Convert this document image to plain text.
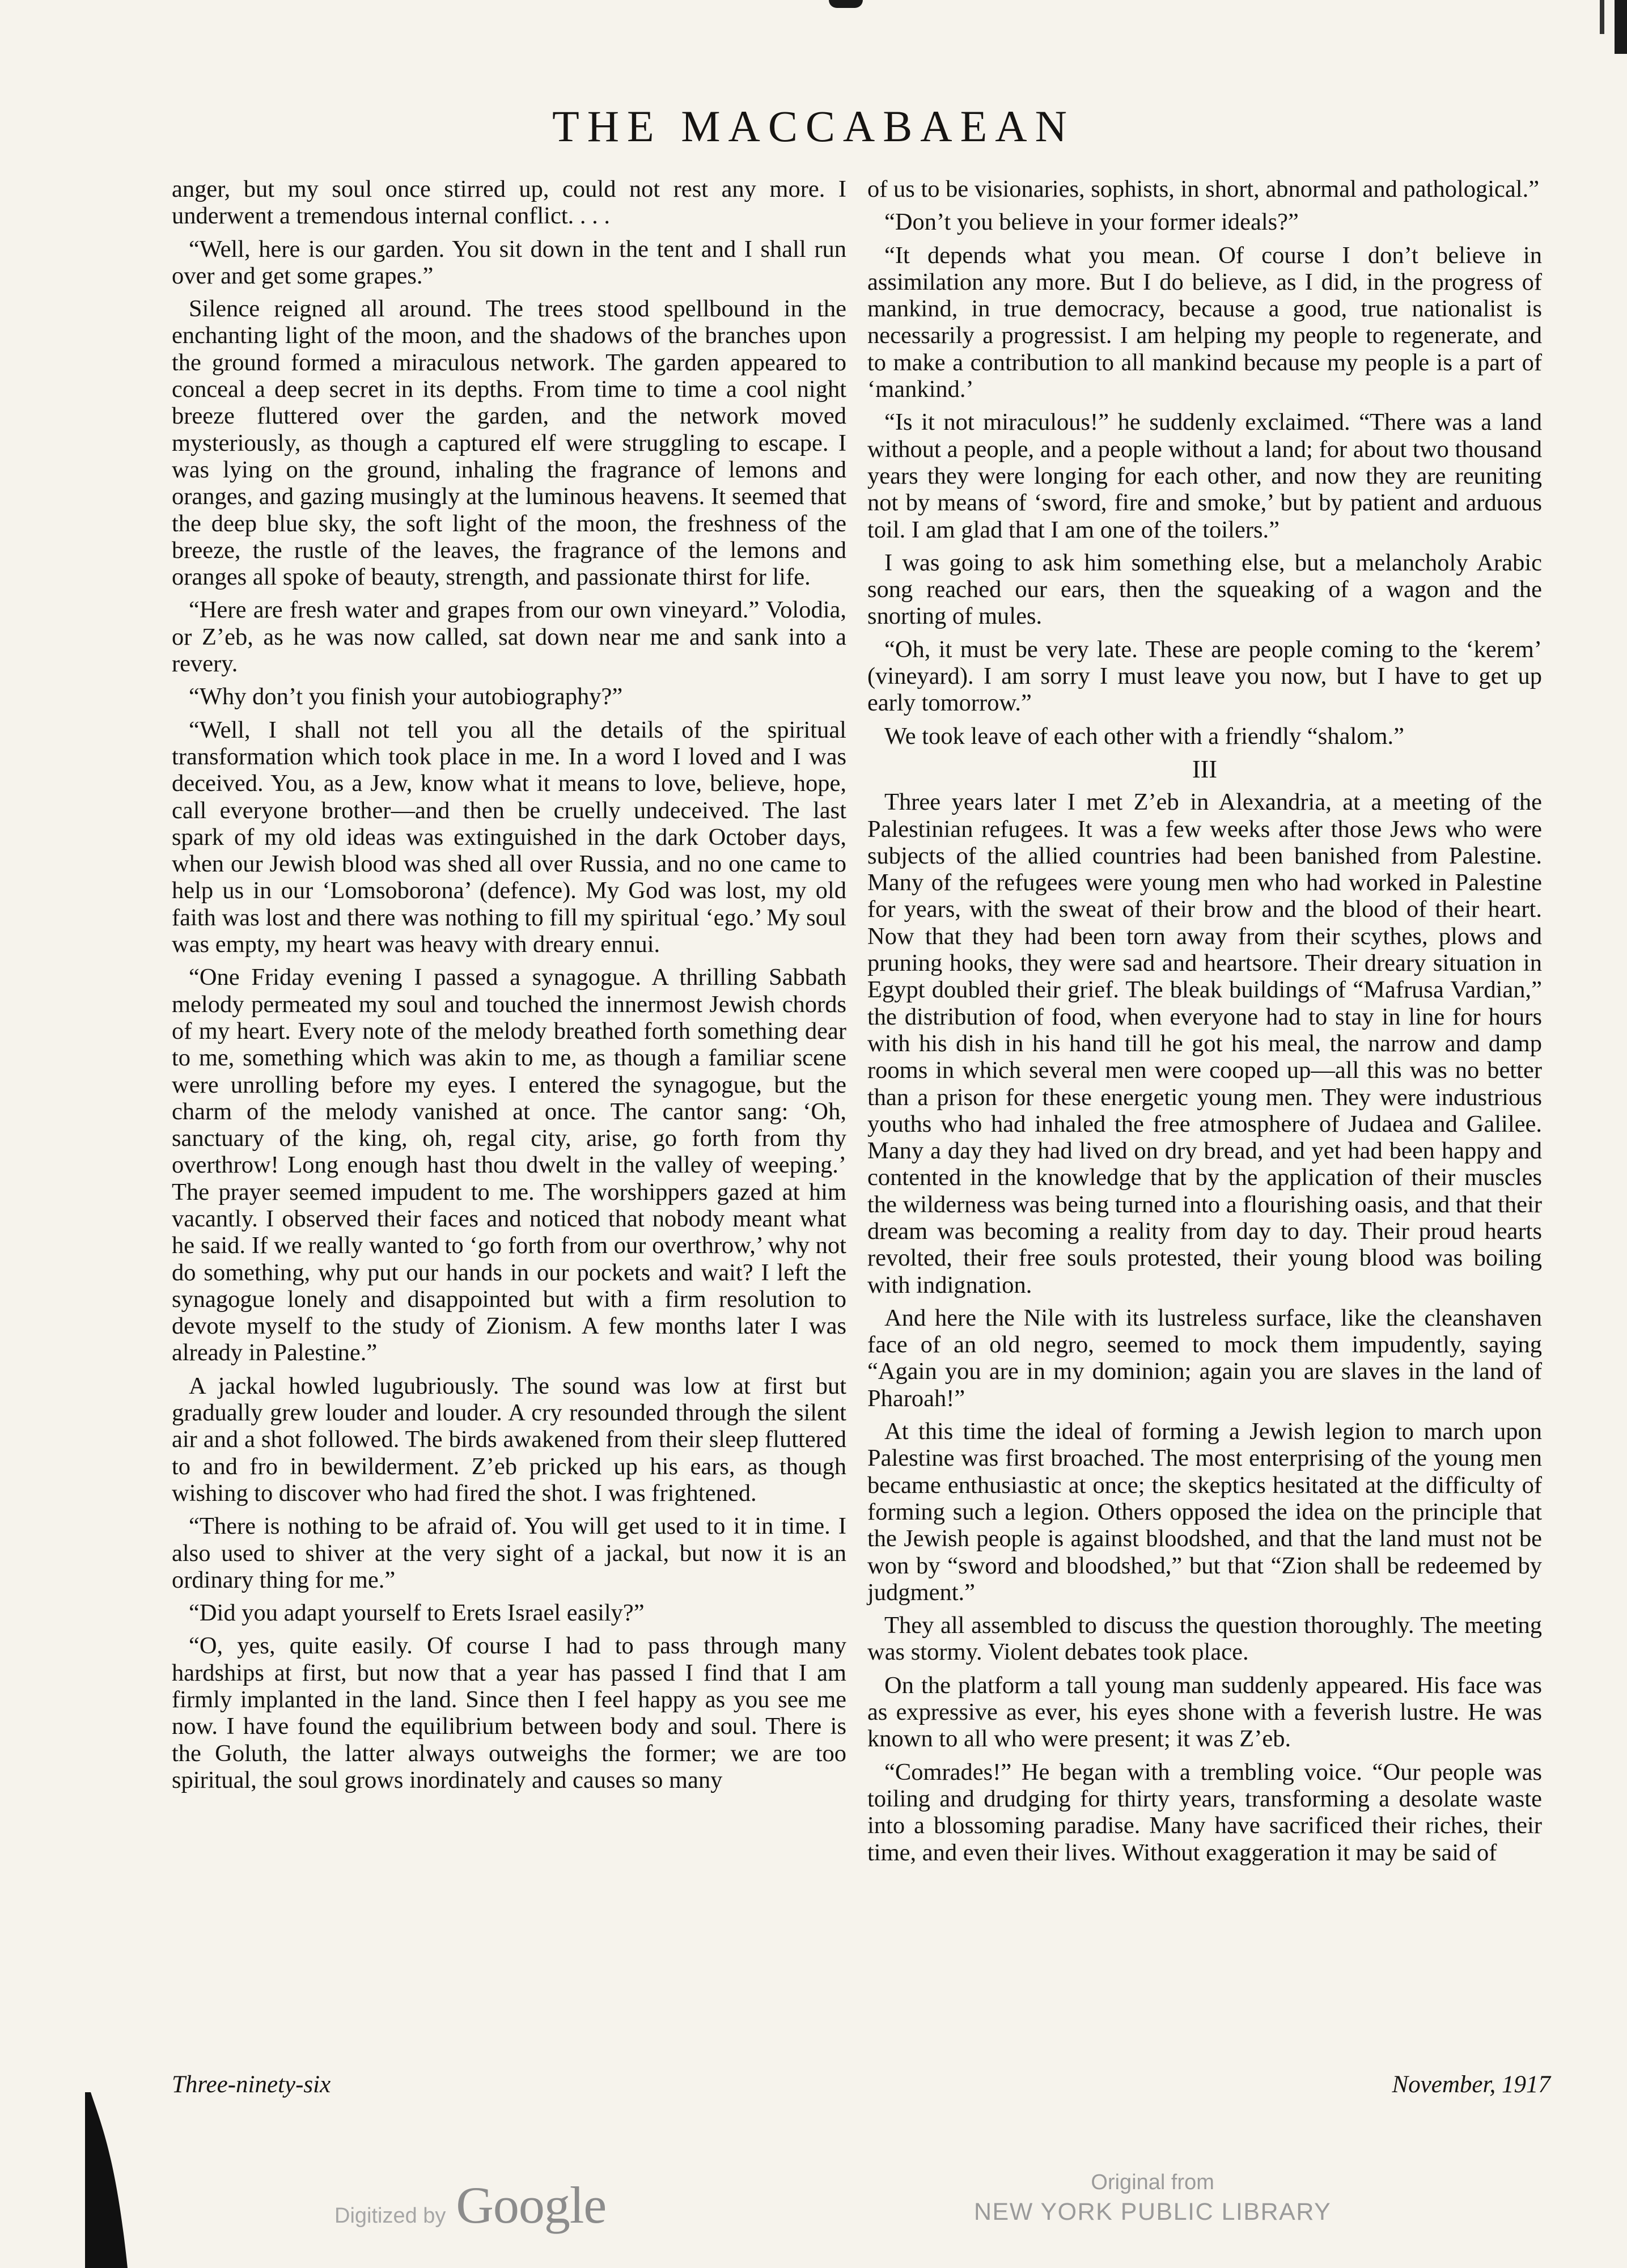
THE MACCABAEAN

anger, but my soul once stirred up, could not rest any more. I underwent a tremendous internal conflict. . . .

“Well, here is our garden. You sit down in the tent and I shall run over and get some grapes.”

Silence reigned all around. The trees stood spellbound in the enchanting light of the moon, and the shadows of the branches upon the ground formed a miraculous network. The garden appeared to conceal a deep secret in its depths. From time to time a cool night breeze fluttered over the garden, and the network moved mysteriously, as though a captured elf were struggling to escape. I was lying on the ground, inhaling the fragrance of lemons and oranges, and gazing musingly at the luminous heavens. It seemed that the deep blue sky, the soft light of the moon, the freshness of the breeze, the rustle of the leaves, the fragrance of the lemons and oranges all spoke of beauty, strength, and passionate thirst for life.

“Here are fresh water and grapes from our own vineyard.” Volodia, or Z’eb, as he was now called, sat down near me and sank into a revery.

“Why don’t you finish your autobiography?”

“Well, I shall not tell you all the details of the spiritual transformation which took place in me. In a word I loved and I was deceived. You, as a Jew, know what it means to love, believe, hope, call everyone brother—and then be cruelly undeceived. The last spark of my old ideas was extinguished in the dark October days, when our Jewish blood was shed all over Russia, and no one came to help us in our ‘Lomsoborona’ (defence). My God was lost, my old faith was lost and there was nothing to fill my spiritual ‘ego.’ My soul was empty, my heart was heavy with dreary ennui.

“One Friday evening I passed a synagogue. A thrilling Sabbath melody permeated my soul and touched the innermost Jewish chords of my heart. Every note of the melody breathed forth something dear to me, something which was akin to me, as though a familiar scene were unrolling before my eyes. I entered the synagogue, but the charm of the melody vanished at once. The cantor sang: ‘Oh, sanctuary of the king, oh, regal city, arise, go forth from thy overthrow! Long enough hast thou dwelt in the valley of weeping.’ The prayer seemed impudent to me. The worshippers gazed at him vacantly. I observed their faces and noticed that nobody meant what he said. If we really wanted to ‘go forth from our overthrow,’ why not do something, why put our hands in our pockets and wait? I left the synagogue lonely and disappointed but with a firm resolution to devote myself to the study of Zionism. A few months later I was already in Palestine.”

A jackal howled lugubriously. The sound was low at first but gradually grew louder and louder. A cry resounded through the silent air and a shot followed. The birds awakened from their sleep fluttered to and fro in bewilderment. Z’eb pricked up his ears, as though wishing to discover who had fired the shot. I was frightened.

“There is nothing to be afraid of. You will get used to it in time. I also used to shiver at the very sight of a jackal, but now it is an ordinary thing for me.”

“Did you adapt yourself to Erets Israel easily?”

“O, yes, quite easily. Of course I had to pass through many hardships at first, but now that a year has passed I find that I am firmly implanted in the land. Since then I feel happy as you see me now. I have found the equilibrium between body and soul. There is the Goluth, the latter always outweighs the former; we are too spiritual, the soul grows inordinately and causes so many

of us to be visionaries, sophists, in short, abnormal and pathological.”

“Don’t you believe in your former ideals?”

“It depends what you mean. Of course I don’t believe in assimilation any more. But I do believe, as I did, in the progress of mankind, in true democracy, because a good, true nationalist is necessarily a progressist. I am helping my people to regenerate, and to make a contribution to all mankind because my people is a part of ‘mankind.’

“Is it not miraculous!” he suddenly exclaimed. “There was a land without a people, and a people without a land; for about two thousand years they were longing for each other, and now they are reuniting not by means of ‘sword, fire and smoke,’ but by patient and arduous toil. I am glad that I am one of the toilers.”

I was going to ask him something else, but a melancholy Arabic song reached our ears, then the squeaking of a wagon and the snorting of mules.

“Oh, it must be very late. These are people coming to the ‘kerem’ (vineyard). I am sorry I must leave you now, but I have to get up early tomorrow.”

We took leave of each other with a friendly “shalom.”

III

Three years later I met Z’eb in Alexandria, at a meeting of the Palestinian refugees. It was a few weeks after those Jews who were subjects of the allied countries had been banished from Palestine. Many of the refugees were young men who had worked in Palestine for years, with the sweat of their brow and the blood of their heart. Now that they had been torn away from their scythes, plows and pruning hooks, they were sad and heartsore. Their dreary situation in Egypt doubled their grief. The bleak buildings of “Mafrusa Vardian,” the distribution of food, when everyone had to stay in line for hours with his dish in his hand till he got his meal, the narrow and damp rooms in which several men were cooped up—all this was no better than a prison for these energetic young men. They were industrious youths who had inhaled the free atmosphere of Judaea and Galilee. Many a day they had lived on dry bread, and yet had been happy and contented in the knowledge that by the application of their muscles the wilderness was being turned into a flourishing oasis, and that their dream was becoming a reality from day to day. Their proud hearts revolted, their free souls protested, their young blood was boiling with indignation.

And here the Nile with its lustreless surface, like the cleanshaven face of an old negro, seemed to mock them impudently, saying “Again you are in my dominion; again you are slaves in the land of Pharoah!”

At this time the ideal of forming a Jewish legion to march upon Palestine was first broached. The most enterprising of the young men became enthusiastic at once; the skeptics hesitated at the difficulty of forming such a legion. Others opposed the idea on the principle that the Jewish people is against bloodshed, and that the land must not be won by “sword and bloodshed,” but that “Zion shall be redeemed by judgment.”

They all assembled to discuss the question thoroughly. The meeting was stormy. Violent debates took place.

On the platform a tall young man suddenly appeared. His face was as expressive as ever, his eyes shone with a feverish lustre. He was known to all who were present; it was Z’eb.

“Comrades!” He began with a trembling voice. “Our people was toiling and drudging for thirty years, transforming a desolate waste into a blossoming paradise. Many have sacrificed their riches, their time, and even their lives. Without exaggeration it may be said of

Three-ninety-six	November, 1917
Digitized by Google	Original from
NEW YORK PUBLIC LIBRARY
